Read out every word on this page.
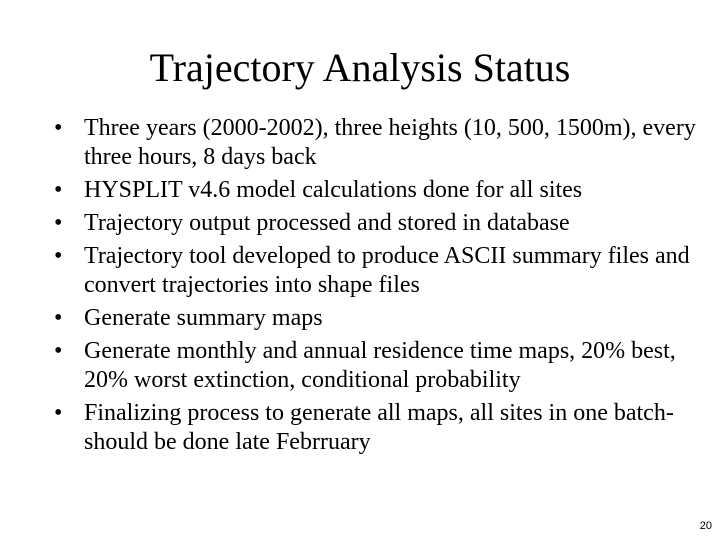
Trajectory Analysis Status
• Three years (2000-2002), three heights (10, 500, 1500m), every three hours, 8 days back
• HYSPLIT v4.6 model calculations done for all sites
• Trajectory output processed and stored in database
• Trajectory tool developed to produce ASCII summary files and convert trajectories into shape files
• Generate summary maps
• Generate monthly and annual residence time maps, 20% best, 20% worst extinction, conditional probability
• Finalizing process to generate all maps, all sites in one batch- should be done late Febrruary
20
